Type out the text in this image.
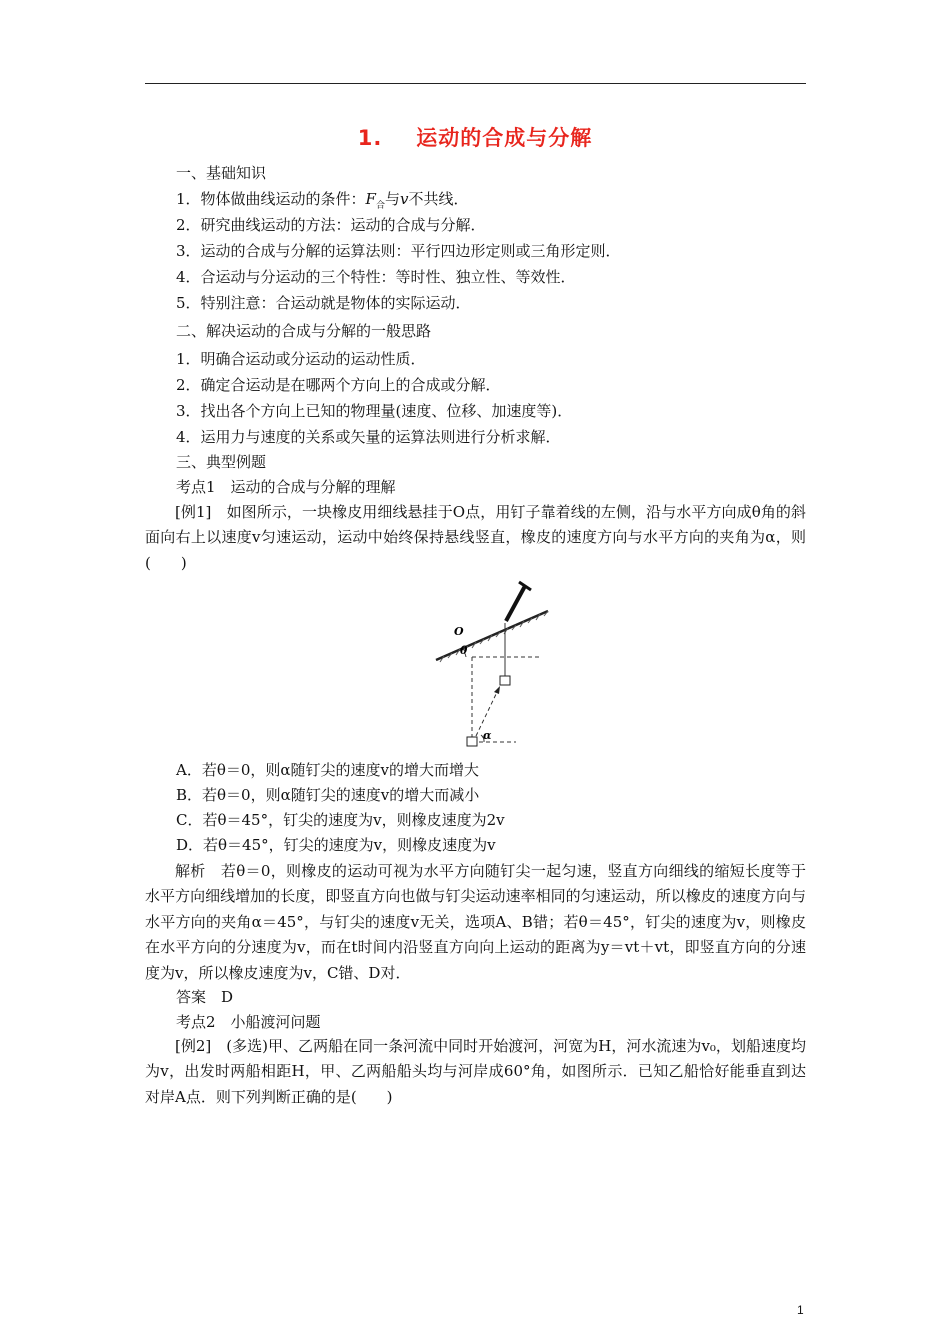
1. 运动的合成与分解
一、基础知识
1．物体做曲线运动的条件：$F_合$与v不共线．
2．研究曲线运动的方法：运动的合成与分解．
3．运动的合成与分解的运算法则：平行四边形定则或三角形定则．
4．合运动与分运动的三个特性：等时性、独立性、等效性．
5．特别注意：合运动就是物体的实际运动．
二、解决运动的合成与分解的一般思路
1．明确合运动或分运动的运动性质．
2．确定合运动是在哪两个方向上的合成或分解．
3．找出各个方向上已知的物理量(速度、位移、加速度等)．
4．运用力与速度的关系或矢量的运算法则进行分析求解．
三、典型例题
考点1　运动的合成与分解的理解
[例1]　如图所示，一块橡皮用细线悬挂于O点，用钉子靠着线的左侧，沿与水平方向成θ角的斜面向右上以速度v匀速运动，运动中始终保持悬线竖直，橡皮的速度方向与水平方向的夹角为α，则(　　)
O
θ
α
A．若θ＝0，则α随钉尖的速度v的增大而增大
B．若θ＝0，则α随钉尖的速度v的增大而减小
C．若θ＝45°，钉尖的速度为v，则橡皮速度为2v
D．若θ＝45°，钉尖的速度为v，则橡皮速度为v
解析　若θ＝0，则橡皮的运动可视为水平方向随钉尖一起匀速，竖直方向细线的缩短长度等于水平方向细线增加的长度，即竖直方向也做与钉尖运动速率相同的匀速运动，所以橡皮的速度方向与水平方向的夹角α＝45°，与钉尖的速度v无关，选项A、B错；若θ＝45°，钉尖的速度为v，则橡皮在水平方向的分速度为v，而在t时间内沿竖直方向向上运动的距离为y＝vt＋vt，即竖直方向的分速度为v，所以橡皮速度为v，C错、D对．
答案　D
考点2　小船渡河问题
[例2]　(多选)甲、乙两船在同一条河流中同时开始渡河，河宽为H，河水流速为v₀，划船速度均为v，出发时两船相距H，甲、乙两船船头均与河岸成60°角，如图所示．已知乙船恰好能垂直到达对岸A点．则下列判断正确的是(　　)
1
